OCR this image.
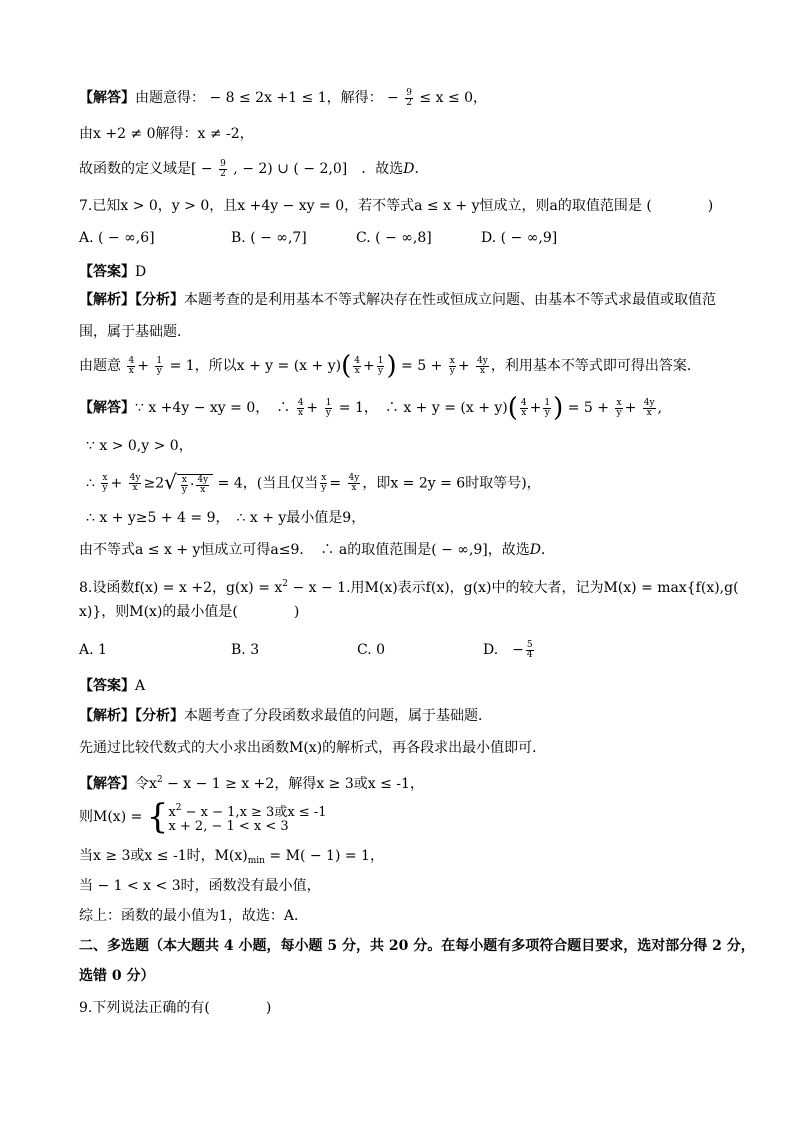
【解答】由题意得： − 8 ≤ 2x +1 ≤ 1，解得： − $\frac{9}{2} \le x \le 0$，
由x +2 ≠ 0解得：x ≠ -2，
故函数的定义域是[ − $\frac{9}{2}$ , − 2) ∪ ( − 2,0]　．故选D．
7.已知x > 0，y > 0，且x +4y − xy = 0，若不等式a ≤ x + y恒成立，则a的取值范围是 (　　　　)
A. ( − ∞,6]	B. ( − ∞,7]	C. ( − ∞,8]	D. ( − ∞,9]
【答案】D
【解析】【分析】本题考查的是利用基本不等式解决存在性或恒成立问题、由基本不等式求最值或取值范
围，属于基础题．
由题意 $\frac{4}{x} + \frac{1}{y} = 1$，所以$x + y = (x + y)( \frac{4}{x} + \frac{1}{y}$ ) = $5 + \frac{x}{y} + \frac{4y}{x}$ ，利用基本不等式即可得出答案．
【解答】∵ x +4y − xy = 0，　∴ $\frac{4}{x} + \frac{1}{y} = 1$，　∴ $x + y = (x + y)( \frac{4}{x} + \frac{1}{y}$ ) = $5 + \frac{x}{y} + \frac{4y}{x}$ ,
∵ x > 0,y > 0，
∴ $\frac{x}{y} + \frac{4y}{x} \ge 2√ \frac{x}{y} \cdot \frac{4y}{x} = 4$，(当且仅当 $\frac{x}{y} = \frac{4y}{x}$ ，即x = 2y = 6时取等号)，
∴ x + y≥5 + 4 = 9，　∴ x + y最小值是9，
由不等式a ≤ x + y恒成立可得a≤9．　∴ a的取值范围是( − ∞,9]，故选D．
8.设函数f(x) = x +2，$g(x) = x^2 - x - 1$.用M(x)表示f(x)，g(x)中的较大者，记为M(x) = max{f(x),g(
x)}，则M(x)的最小值是(　　　　)
A. 1	B. 3	C. 0	D.　− $\frac{5}{4}$
【答案】A
【解析】【分析】本题考查了分段函数求最值的问题，属于基础题．
先通过比较代数式的大小求出函数M(x)的解析式，再各段求出最小值即可．
【解答】令$x^2 - x - 1 \ge x +2$，解得x ≥ 3或x ≤ -1，
则M(x) = { $x^2 - x - 1,x \ge 3$或x ≤ -1
x + 2, − 1 < x < 3
当x ≥ 3或x ≤ -1时，$M(x)_{min} = M( - 1) = 1$，
当 − 1 < x < 3时，函数没有最小值，
综上：函数的最小值为1，故选：A．
二、多选题（本大题共 4 小题，每小题 5 分，共 20 分。在每小题有多项符合题目要求，选对部分得 2 分，
选错 0 分）
9.下列说法正确的有(　　　　)
